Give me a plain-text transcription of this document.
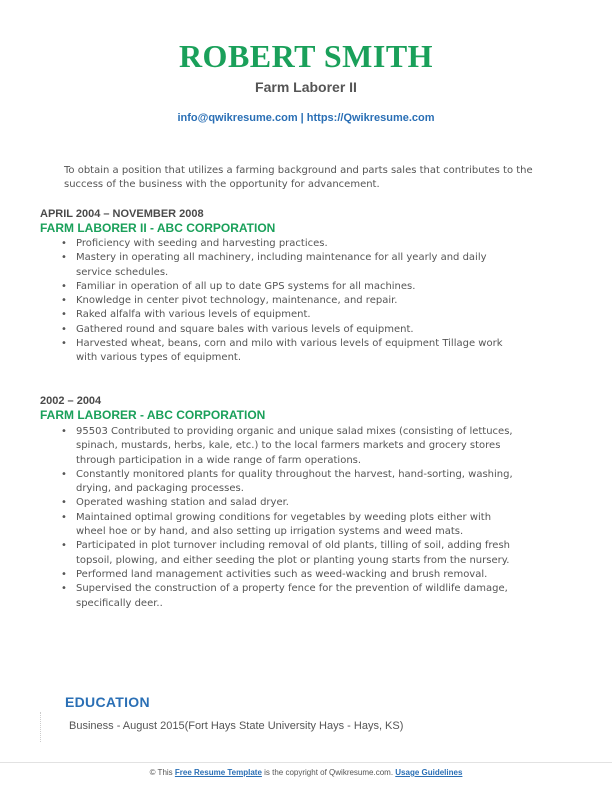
ROBERT SMITH
Farm Laborer II
info@qwikresume.com | https://Qwikresume.com
To obtain a position that utilizes a farming background and parts sales that contributes to the success of the business with the opportunity for advancement.
APRIL 2004 – NOVEMBER 2008
FARM LABORER II - ABC CORPORATION
• Proficiency with seeding and harvesting practices.
• Mastery in operating all machinery, including maintenance for all yearly and daily service schedules.
• Familiar in operation of all up to date GPS systems for all machines.
• Knowledge in center pivot technology, maintenance, and repair.
• Raked alfalfa with various levels of equipment.
• Gathered round and square bales with various levels of equipment.
• Harvested wheat, beans, corn and milo with various levels of equipment Tillage work with various types of equipment.
2002 – 2004
FARM LABORER - ABC CORPORATION
• 95503 Contributed to providing organic and unique salad mixes (consisting of lettuces, spinach, mustards, herbs, kale, etc.) to the local farmers markets and grocery stores through participation in a wide range of farm operations.
• Constantly monitored plants for quality throughout the harvest, hand-sorting, washing, drying, and packaging processes.
• Operated washing station and salad dryer.
• Maintained optimal growing conditions for vegetables by weeding plots either with wheel hoe or by hand, and also setting up irrigation systems and weed mats.
• Participated in plot turnover including removal of old plants, tilling of soil, adding fresh topsoil, plowing, and either seeding the plot or planting young starts from the nursery.
• Performed land management activities such as weed-wacking and brush removal.
• Supervised the construction of a property fence for the prevention of wildlife damage, specifically deer..
EDUCATION
Business - August 2015(Fort Hays State University Hays - Hays, KS)
© This Free Resume Template is the copyright of Qwikresume.com. Usage Guidelines
